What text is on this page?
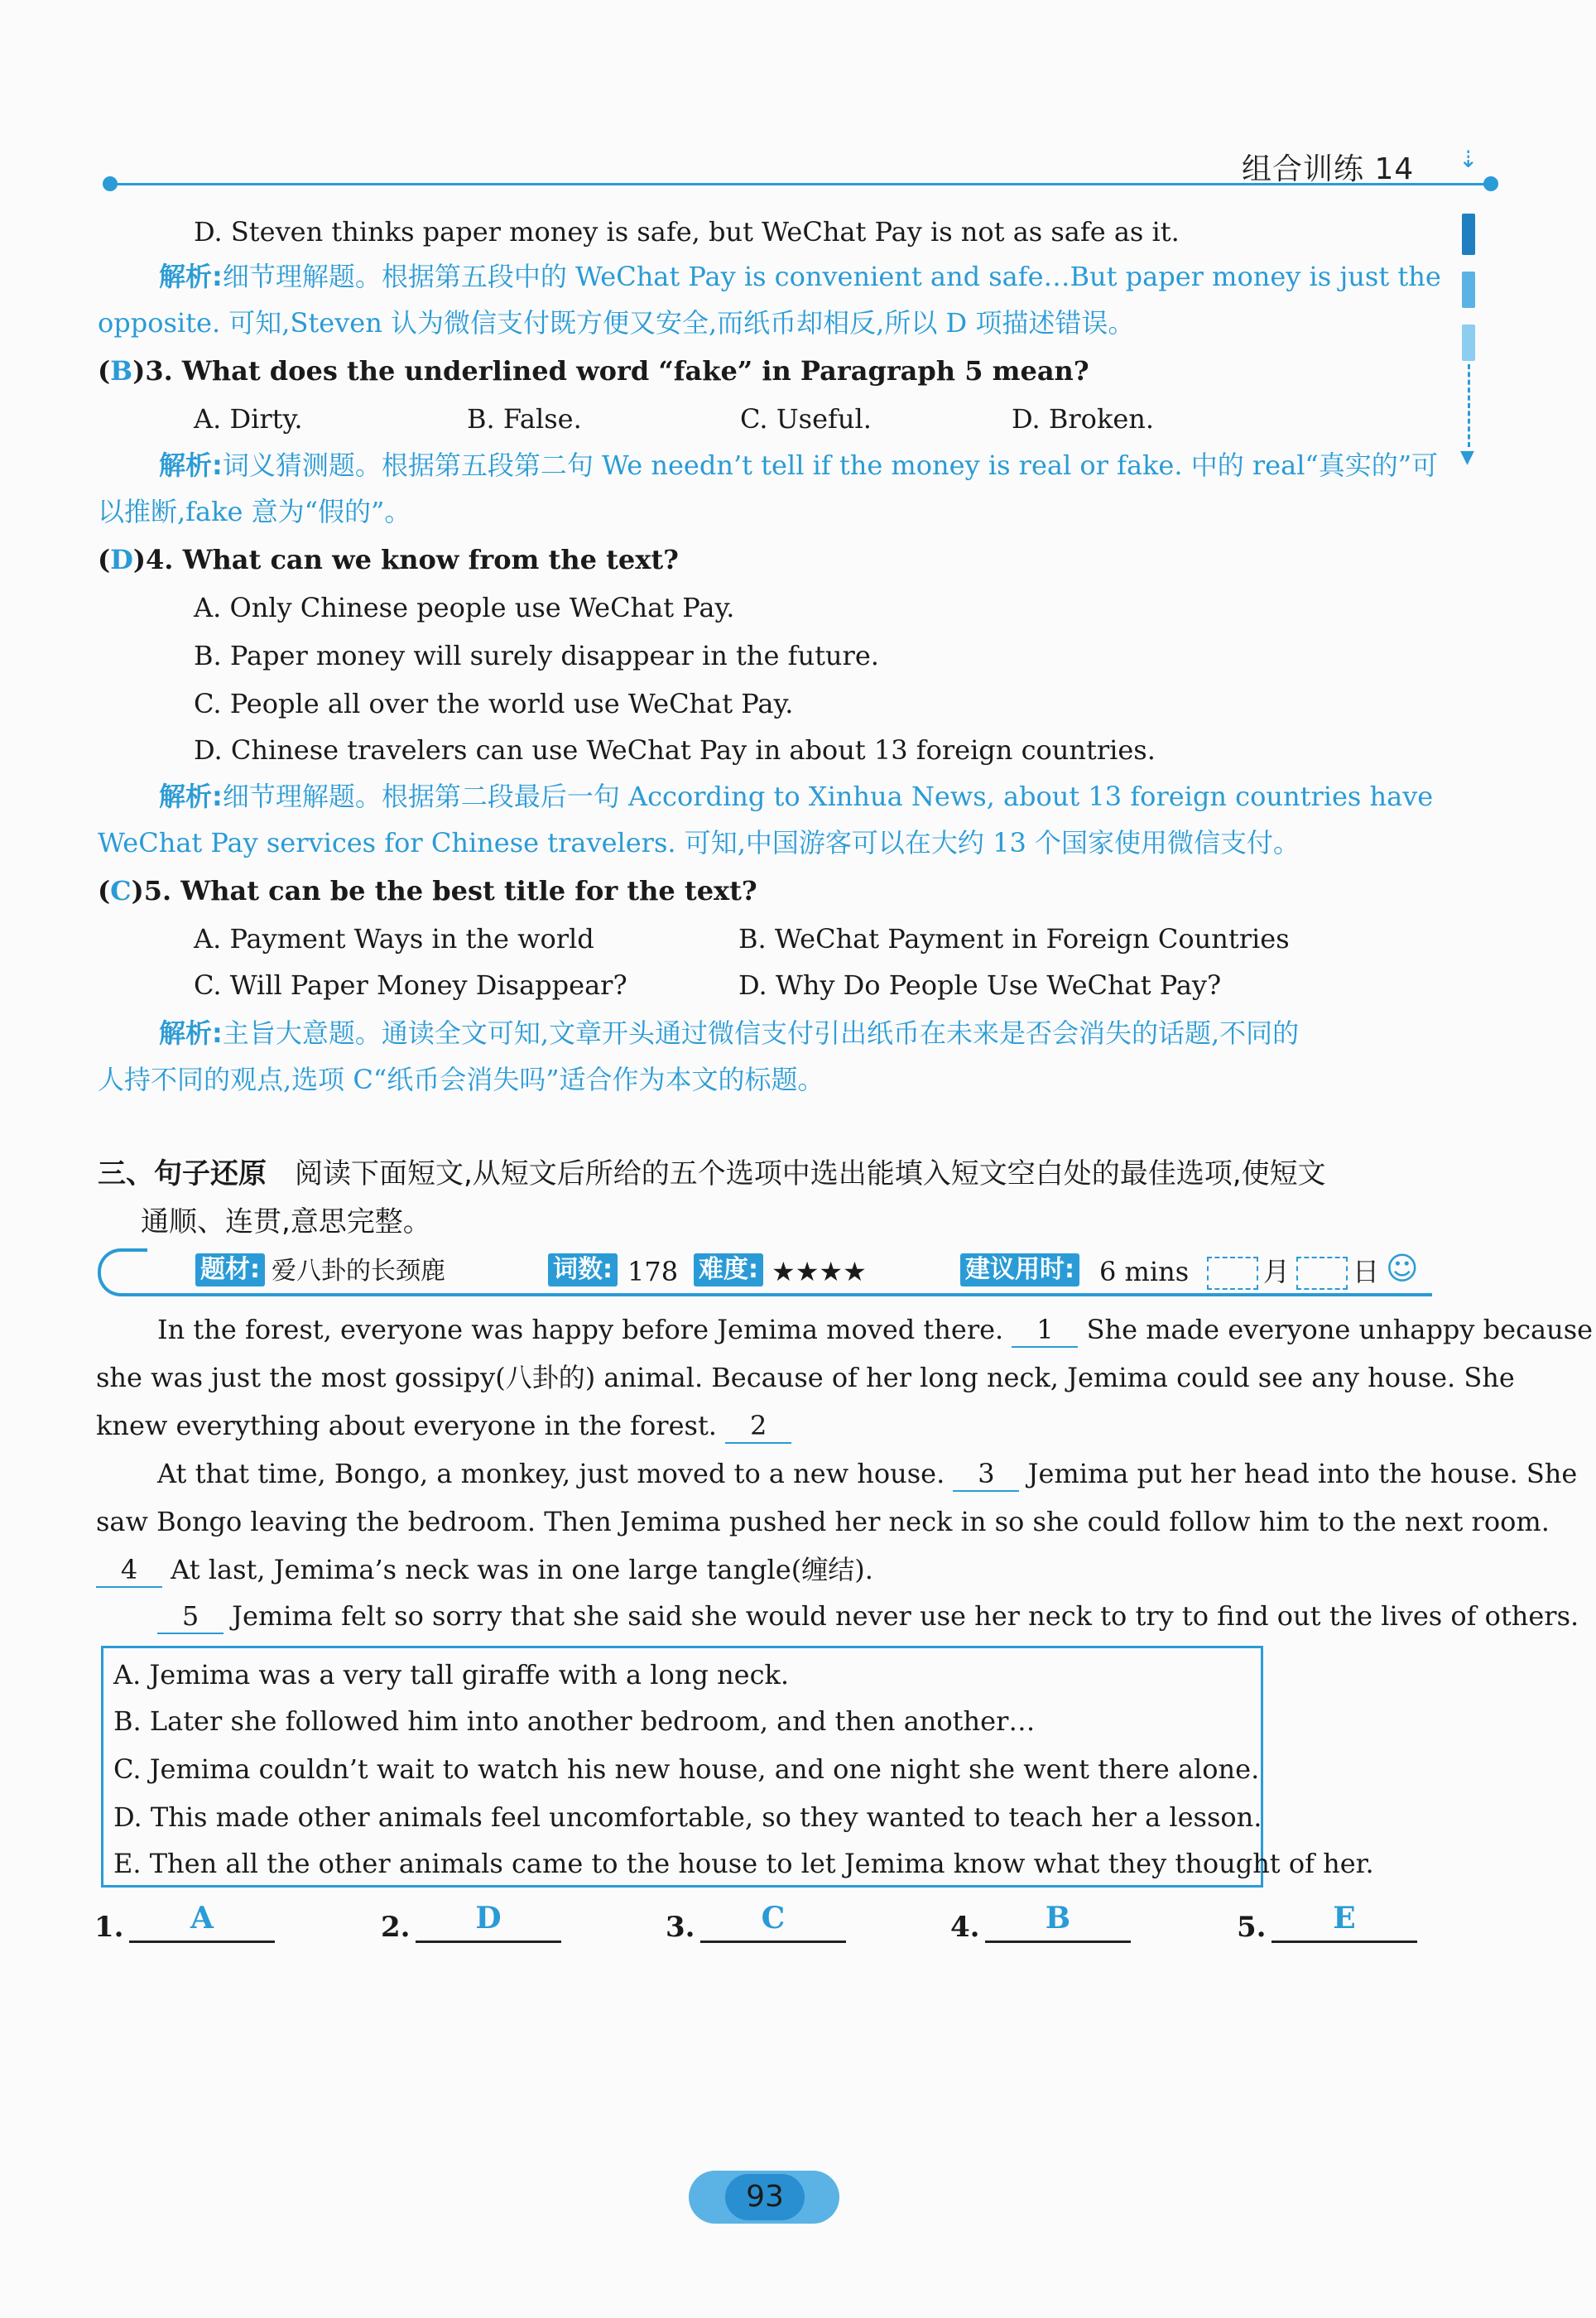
组合训练 14 ⇣
▼
D. Steven thinks paper money is safe, but WeChat Pay is not as safe as it.
解析:细节理解题。根据第五段中的 WeChat Pay is convenient and safe…But paper money is just the
opposite. 可知,Steven 认为微信支付既方便又安全,而纸币却相反,所以 D 项描述错误。
(B)3. What does the underlined word “fake” in Paragraph 5 mean?
A. Dirty.	B. False.	C. Useful.	D. Broken.
解析:词义猜测题。根据第五段第二句 We needn’t tell if the money is real or fake. 中的 real“真实的”可
以推断,fake 意为“假的”。
(D)4. What can we know from the text?
A. Only Chinese people use WeChat Pay.
B. Paper money will surely disappear in the future.
C. People all over the world use WeChat Pay.
D. Chinese travelers can use WeChat Pay in about 13 foreign countries.
解析:细节理解题。根据第二段最后一句 According to Xinhua News, about 13 foreign countries have
WeChat Pay services for Chinese travelers. 可知,中国游客可以在大约 13 个国家使用微信支付。
(C)5. What can be the best title for the text?
A. Payment Ways in the world	B. WeChat Payment in Foreign Countries
C. Will Paper Money Disappear?	D. Why Do People Use WeChat Pay?
解析:主旨大意题。通读全文可知,文章开头通过微信支付引出纸币在未来是否会消失的话题,不同的
人持不同的观点,选项 C“纸币会消失吗”适合作为本文的标题。
三、句子还原 阅读下面短文,从短文后所给的五个选项中选出能填入短文空白处的最佳选项,使短文
通顺、连贯,意思完整。
题材: 爱八卦的长颈鹿	词数: 178 难度: ★★★★	建议用时: 6 mins	月 日 ☺
In the forest, everyone was happy before Jemima moved there. 1 She made everyone unhappy because
she was just the most gossipy(八卦的) animal. Because of her long neck, Jemima could see any house. She
knew everything about everyone in the forest. 2
At that time, Bongo, a monkey, just moved to a new house. 3 Jemima put her head into the house. She
saw Bongo leaving the bedroom. Then Jemima pushed her neck in so she could follow him to the next room.
4 At last, Jemima’s neck was in one large tangle(缠结).
5 Jemima felt so sorry that she said she would never use her neck to try to find out the lives of others.
A. Jemima was a very tall giraffe with a long neck.
B. Later she followed him into another bedroom, and then another…
C. Jemima couldn’t wait to watch his new house, and one night she went there alone.
D. This made other animals feel uncomfortable, so they wanted to teach her a lesson.
E. Then all the other animals came to the house to let Jemima know what they thought of her.
1.	A	2.	D	3.	C	4.	B	5.	E
93
